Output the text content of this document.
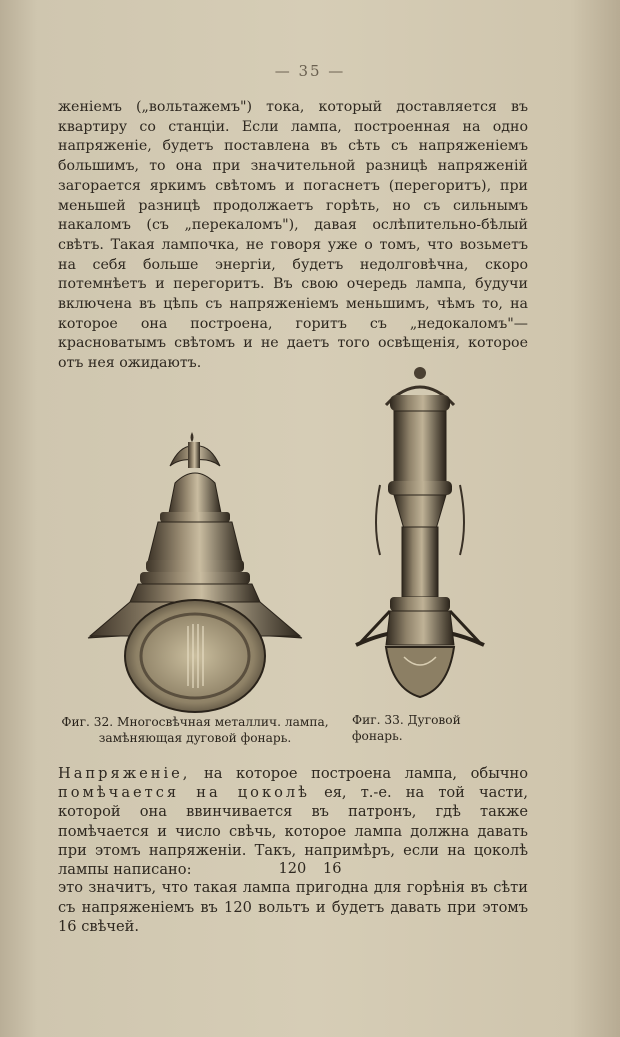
— 35 —
женіемъ („вольтажемъ") тока, который доставляется въ квартиру со станціи. Если лампа, построенная на одно напряженіе, будетъ поставлена въ сѣть съ напряженіемъ большимъ, то она при значительной разницѣ напряженій загорается яркимъ свѣтомъ и погаснетъ (перегоритъ), при меньшей разницѣ продолжаетъ горѣть, но съ сильнымъ накаломъ (съ „перекаломъ"), давая ослѣпительно-бѣлый свѣтъ. Такая лампочка, не говоря уже о томъ, что возьметъ на себя больше энергіи, будетъ недолговѣчна, скоро потемнѣетъ и перегоритъ. Въ свою очередь лампа, будучи включена въ цѣпь съ напряженіемъ меньшимъ, чѣмъ то, на которое она построена, горитъ съ „недокаломъ"—красноватымъ свѣтомъ и не даетъ того освѣщенія, которое отъ нея ожидаютъ.
Фиг. 32. Многосвѣчная металлич. лампа, замѣняющая дуговой фонарь.
Фиг. 33. Дуговой фонарь.
Напряженіе, на которое построена лампа, обычно помѣчается на цоколѣ ея, т.-е. на той части, которой она ввинчивается въ патронъ, гдѣ также помѣчается и число свѣчь, которое лампа должна давать при этомъ напряженіи. Такъ, напримѣръ, если на цоколѣ лампы написано:	120 16
это значитъ, что такая лампа пригодна для горѣнія въ сѣти съ напряженіемъ въ 120 вольтъ и будетъ давать при этомъ 16 свѣчей.
